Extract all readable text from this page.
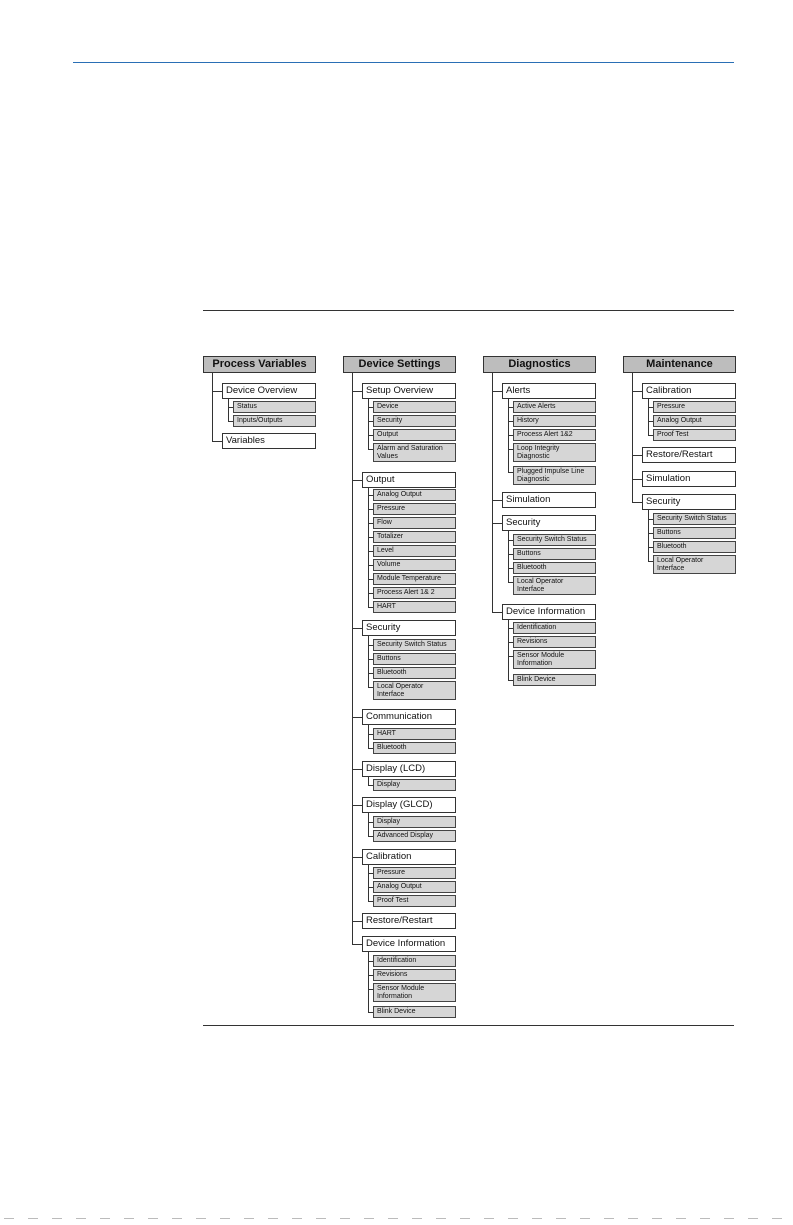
Process Variables
Device Overview
Status
Inputs/Outputs
Variables
Device Settings
Setup Overview
Device
Security
Output
Alarm and Saturation Values
Output
Analog Output
Pressure
Flow
Totalizer
Level
Volume
Module Temperature
Process Alert 1& 2
HART
Security
Security Switch Status
Buttons
Bluetooth
Local Operator Interface
Communication
HART
Bluetooth
Display (LCD)
Display
Display (GLCD)
Display
Advanced Display
Calibration
Pressure
Analog Output
Proof Test
Restore/Restart
Device Information
Identification
Revisions
Sensor Module Information
Blink Device
Diagnostics
Alerts
Active Alerts
History
Process Alert 1&2
Loop Integrity Diagnostic
Plugged Impulse Line Diagnostic
Simulation
Security
Security Switch Status
Buttons
Bluetooth
Local Operator Interface
Device Information
Identification
Revisions
Sensor Module Information
Blink Device
Maintenance
Calibration
Pressure
Analog Output
Proof Test
Restore/Restart
Simulation
Security
Security Switch Status
Buttons
Bluetooth
Local Operator Interface
